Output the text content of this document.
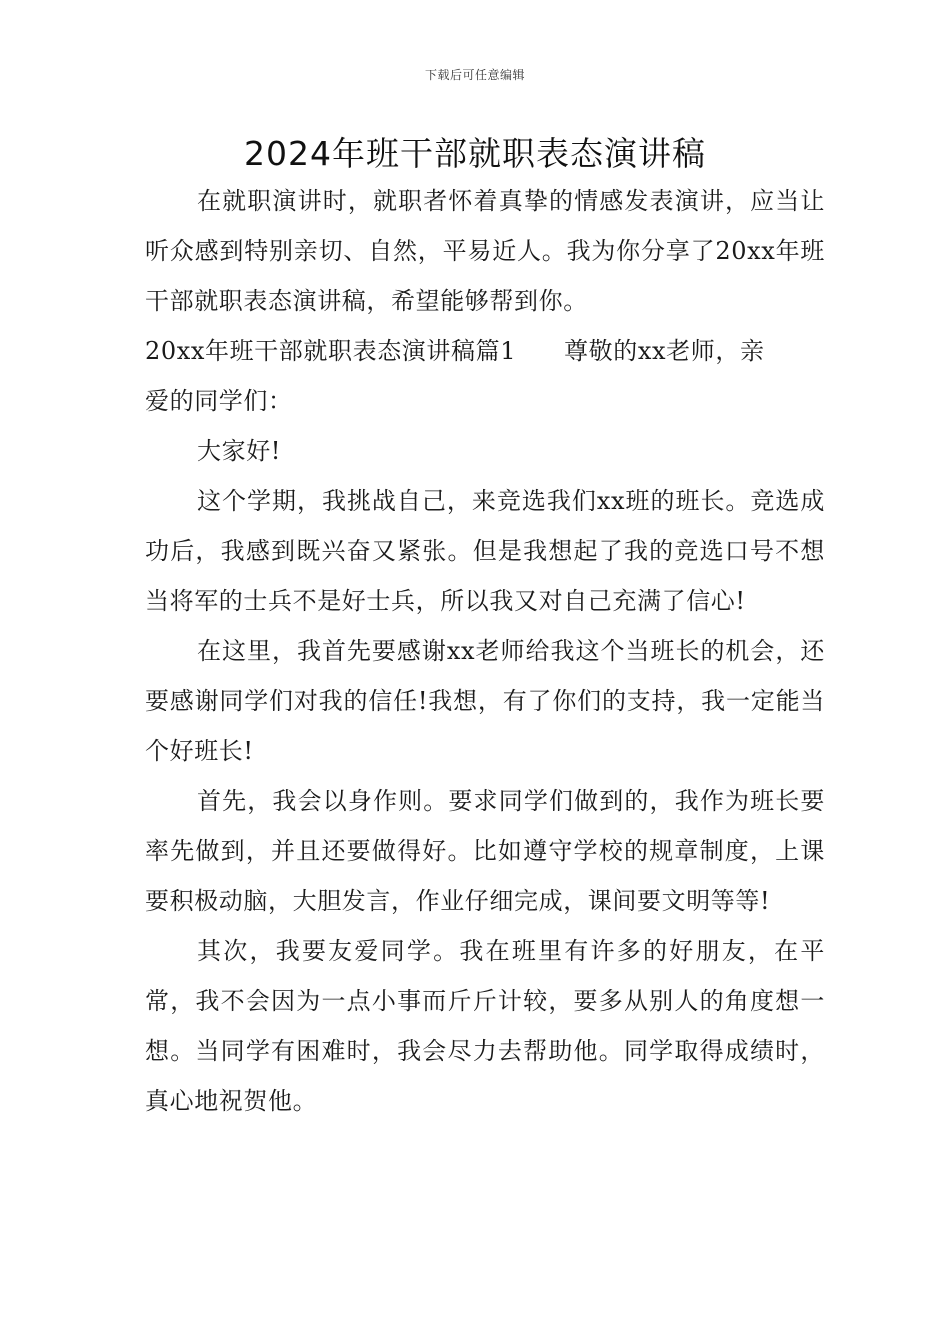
下载后可任意编辑
2024年班干部就职表态演讲稿

在就职演讲时，就职者怀着真挚的情感发表演讲，应当让听众感到特别亲切、自然，平易近人。我为你分享了20xx年班干部就职表态演讲稿，希望能够帮到你。

20xx年班干部就职表态演讲稿篇1 尊敬的xx老师，亲

爱的同学们：

大家好!

这个学期，我挑战自己，来竞选我们xx班的班长。竞选成功后，我感到既兴奋又紧张。但是我想起了我的竞选口号不想当将军的士兵不是好士兵，所以我又对自己充满了信心!

在这里，我首先要感谢xx老师给我这个当班长的机会，还要感谢同学们对我的信任!我想，有了你们的支持，我一定能当个好班长!

首先，我会以身作则。要求同学们做到的，我作为班长要率先做到，并且还要做得好。比如遵守学校的规章制度，上课要积极动脑，大胆发言，作业仔细完成，课间要文明等等!

其次，我要友爱同学。我在班里有许多的好朋友，在平常，我不会因为一点小事而斤斤计较，要多从别人的角度想一想。当同学有困难时，我会尽力去帮助他。同学取得成绩时，真心地祝贺他。
